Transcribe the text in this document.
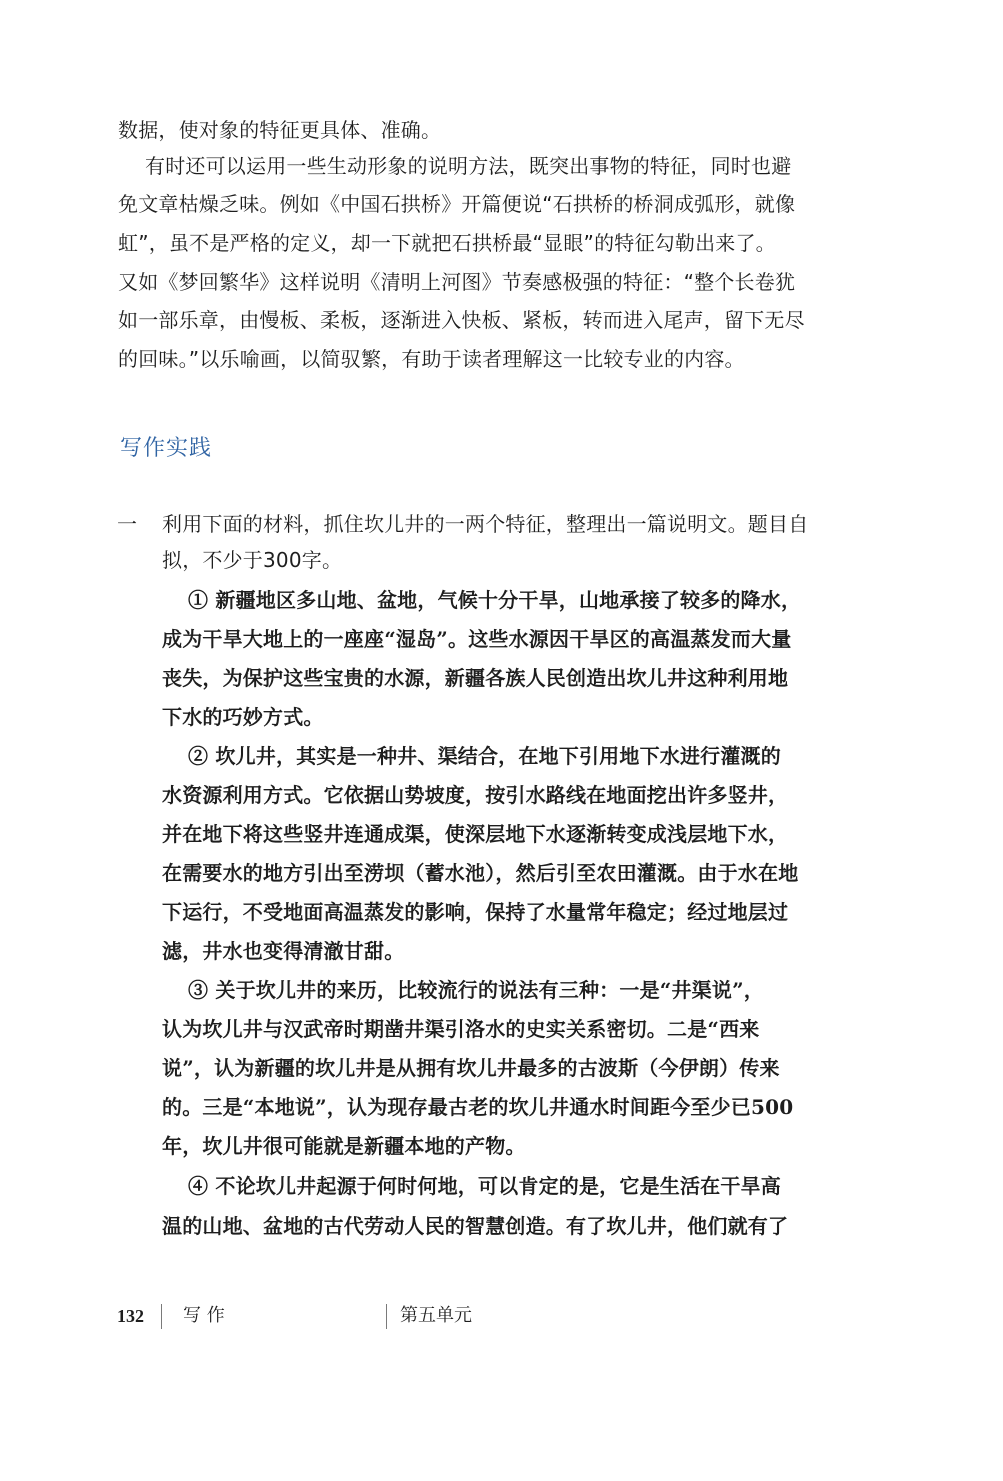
数据，使对象的特征更具体、准确。
有时还可以运用一些生动形象的说明方法，既突出事物的特征，同时也避
免文章枯燥乏味。例如《中国石拱桥》开篇便说“石拱桥的桥洞成弧形，就像
虹”，虽不是严格的定义，却一下就把石拱桥最“显眼”的特征勾勒出来了。
又如《梦回繁华》这样说明《清明上河图》节奏感极强的特征：“整个长卷犹
如一部乐章，由慢板、柔板，逐渐进入快板、紧板，转而进入尾声，留下无尽
的回味。”以乐喻画，以简驭繁，有助于读者理解这一比较专业的内容。
写作实践
一 利用下面的材料，抓住坎儿井的一两个特征，整理出一篇说明文。题目自
拟，不少于300字。
① 新疆地区多山地、盆地，气候十分干旱，山地承接了较多的降水，
成为干旱大地上的一座座“湿岛”。这些水源因干旱区的高温蒸发而大量
丧失，为保护这些宝贵的水源，新疆各族人民创造出坎儿井这种利用地
下水的巧妙方式。
② 坎儿井，其实是一种井、渠结合，在地下引用地下水进行灌溉的
水资源利用方式。它依据山势坡度，按引水路线在地面挖出许多竖井，
并在地下将这些竖井连通成渠，使深层地下水逐渐转变成浅层地下水，
在需要水的地方引出至涝坝（蓄水池），然后引至农田灌溉。由于水在地
下运行，不受地面高温蒸发的影响，保持了水量常年稳定；经过地层过
滤，井水也变得清澈甘甜。
③ 关于坎儿井的来历，比较流行的说法有三种：一是“井渠说”，
认为坎儿井与汉武帝时期凿井渠引洛水的史实关系密切。二是“西来
说”，认为新疆的坎儿井是从拥有坎儿井最多的古波斯（今伊朗）传来
的。三是“本地说”，认为现存最古老的坎儿井通水时间距今至少已500
年，坎儿井很可能就是新疆本地的产物。
④ 不论坎儿井起源于何时何地，可以肯定的是，它是生活在干旱高
温的山地、盆地的古代劳动人民的智慧创造。有了坎儿井，他们就有了
132 写 作	第五单元
